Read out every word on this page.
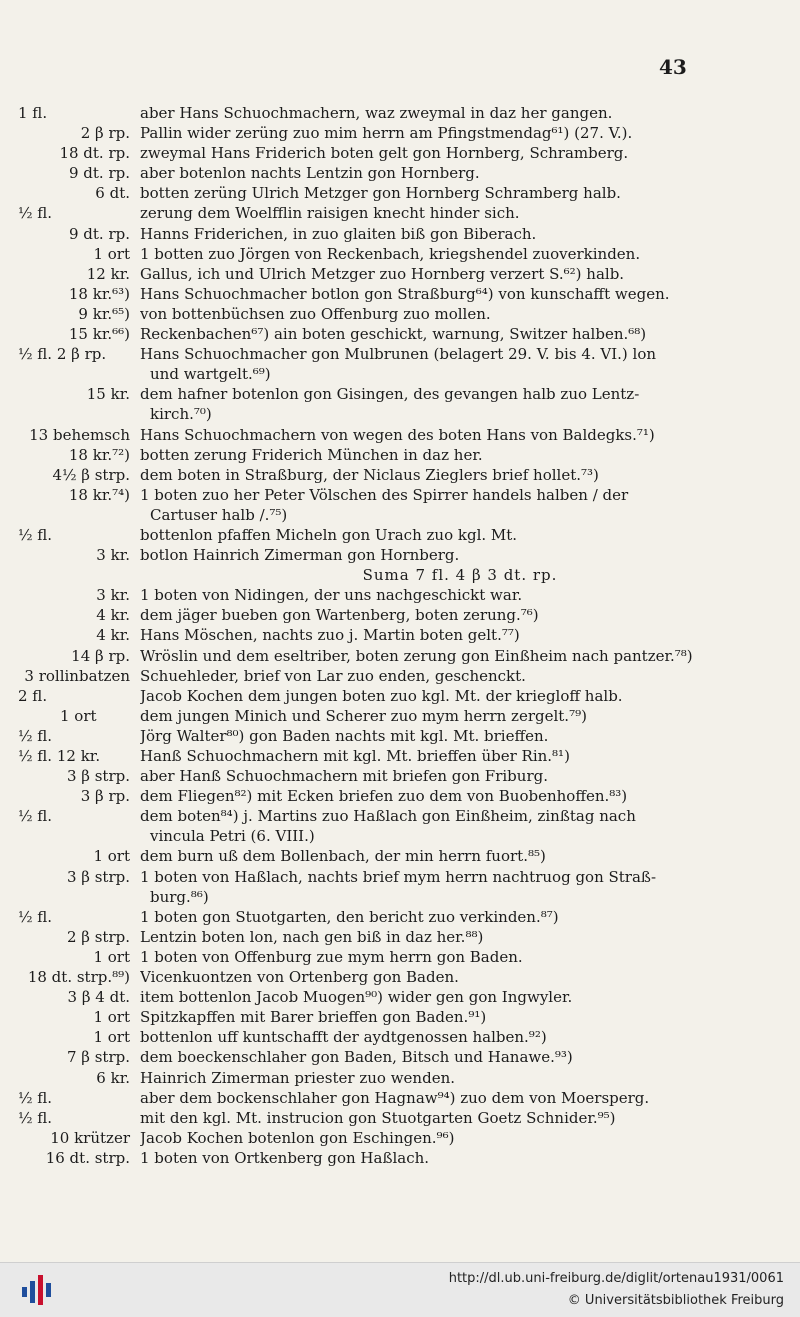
43
1 fl.	aber Hans Schuochmachern, waz zweymal in daz her gangen.
2 β rp. Pallin wider zerüng zuo mim herrn am Pfingstmendag⁶¹) (27. V.).
18 dt. rp. zweymal Hans Friderich boten gelt gon Hornberg, Schramberg.
9 dt. rp. aber botenlon nachts Lentzin gon Hornberg.
6 dt. botten zerüng Ulrich Metzger gon Hornberg Schramberg halb.
½ fl.	zerung dem Woelfflin raisigen knecht hinder sich.
9 dt. rp. Hanns Friderichen, in zuo glaiten biß gon Biberach.
1 ort 1 botten zuo Jörgen von Reckenbach, kriegshendel zuoverkinden.
12 kr. Gallus, ich und Ulrich Metzger zuo Hornberg verzert S.⁶²) halb.
18 kr.⁶³) Hans Schuochmacher botlon gon Straßburg⁶⁴) von kunschafft wegen.
9 kr.⁶⁵) von bottenbüchsen zuo Offenburg zuo mollen.
15 kr.⁶⁶) Reckenbachen⁶⁷) ain boten geschickt, warnung, Switzer halben.⁶⁸)
½ fl. 2 β rp.	Hans Schuochmacher gon Mulbrunen (belagert 29. V. bis 4. VI.) lon
und wartgelt.⁶⁹)
15 kr. dem hafner botenlon gon Gisingen, des gevangen halb zuo Lentz-
kirch.⁷⁰)
13 behemsch Hans Schuochmachern von wegen des boten Hans von Baldegks.⁷¹)
18 kr.⁷²) botten zerung Friderich München in daz her.
4½ β strp. dem boten in Straßburg, der Niclaus Zieglers brief hollet.⁷³)
18 kr.⁷⁴) 1 boten zuo her Peter Völschen des Spirrer handels halben / der
Cartuser halb /.⁷⁵)
½ fl.	bottenlon pfaffen Micheln gon Urach zuo kgl. Mt.
3 kr. botlon Hainrich Zimerman gon Hornberg.
Suma 7 fl. 4 β 3 dt. rp.
3 kr. 1 boten von Nidingen, der uns nachgeschickt war.
4 kr. dem jäger bueben gon Wartenberg, boten zerung.⁷⁶)
4 kr. Hans Möschen, nachts zuo j. Martin boten gelt.⁷⁷)
14 β rp. Wröslin und dem eseltriber, boten zerung gon Einßheim nach pantzer.⁷⁸)
3 rollinbatzen Schuehleder, brief von Lar zuo enden, geschenckt.
2 fl.	Jacob Kochen dem jungen boten zuo kgl. Mt. der kriegloff halb.
1 ort	dem jungen Minich und Scherer zuo mym herrn zergelt.⁷⁹)
½ fl.	Jörg Walter⁸⁰) gon Baden nachts mit kgl. Mt. brieffen.
½ fl. 12 kr.	Hanß Schuochmachern mit kgl. Mt. brieffen über Rin.⁸¹)
3 β strp. aber Hanß Schuochmachern mit briefen gon Friburg.
3 β rp. dem Fliegen⁸²) mit Ecken briefen zuo dem von Buobenhoffen.⁸³)
½ fl.	dem boten⁸⁴) j. Martins zuo Haßlach gon Einßheim, zinßtag nach
vincula Petri (6. VIII.)
1 ort dem burn uß dem Bollenbach, der min herrn fuort.⁸⁵)
3 β strp. 1 boten von Haßlach, nachts brief mym herrn nachtruog gon Straß-
burg.⁸⁶)
½ fl.	1 boten gon Stuotgarten, den bericht zuo verkinden.⁸⁷)
2 β strp. Lentzin boten lon, nach gen biß in daz her.⁸⁸)
1 ort 1 boten von Offenburg zue mym herrn gon Baden.
18 dt. strp.⁸⁹) Vicenkuontzen von Ortenberg gon Baden.
3 β 4 dt. item bottenlon Jacob Muogen⁹⁰) wider gen gon Ingwyler.
1 ort Spitzkapffen mit Barer brieffen gon Baden.⁹¹)
1 ort bottenlon uff kuntschafft der aydtgenossen halben.⁹²)
7 β strp. dem boeckenschlaher gon Baden, Bitsch und Hanawe.⁹³)
6 kr. Hainrich Zimerman priester zuo wenden.
½ fl.	aber dem bockenschlaher gon Hagnaw⁹⁴) zuo dem von Moersperg.
½ fl.	mit den kgl. Mt. instrucion gon Stuotgarten Goetz Schnider.⁹⁵)
10 krützer Jacob Kochen botenlon gon Eschingen.⁹⁶)
16 dt. strp. 1 boten von Ortkenberg gon Haßlach.
http://dl.ub.uni-freiburg.de/diglit/ortenau1931/0061
© Universitätsbibliothek Freiburg
